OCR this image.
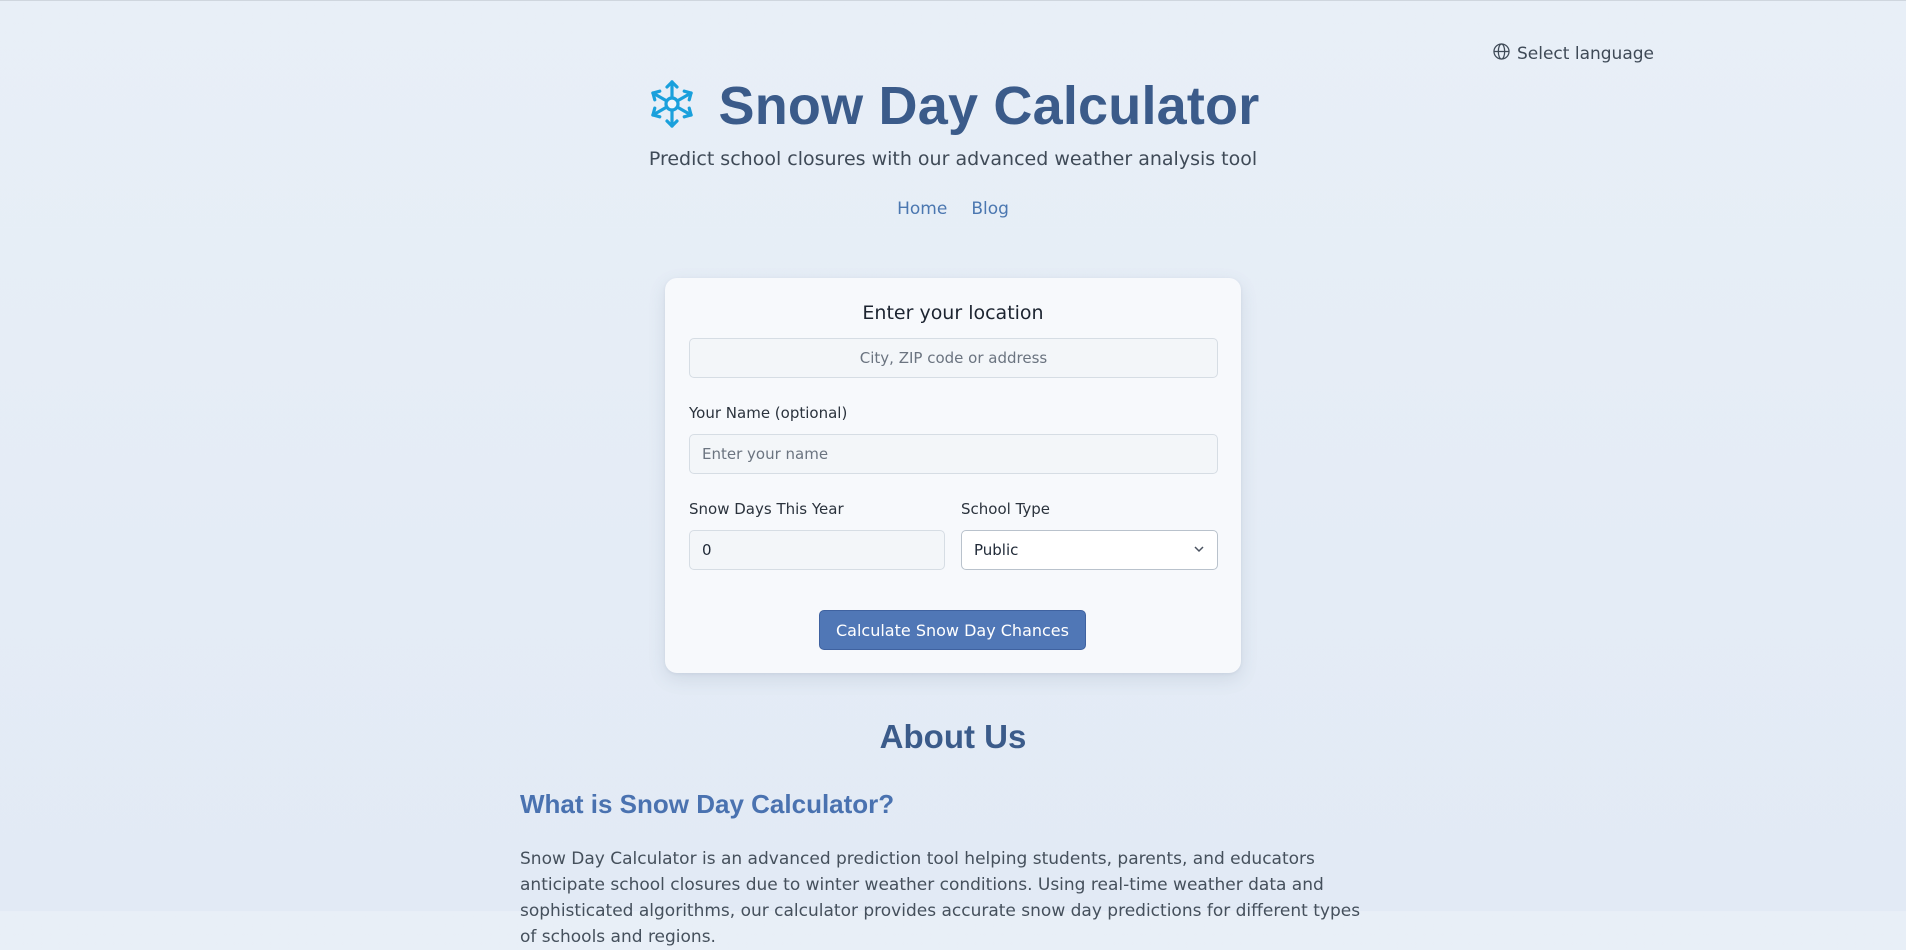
Select language
Snow Day Calculator
Predict school closures with our advanced weather analysis tool
Home Blog
Enter your location
City, ZIP code or address
Your Name (optional)
Enter your name
Snow Days This Year
0	School Type
Public
Calculate Snow Day Chances
About Us
What is Snow Day Calculator?

Snow Day Calculator is an advanced prediction tool helping students, parents, and educators anticipate school closures due to winter weather conditions. Using real-time weather data and sophisticated algorithms, our calculator provides accurate snow day predictions for different types of schools and regions.
